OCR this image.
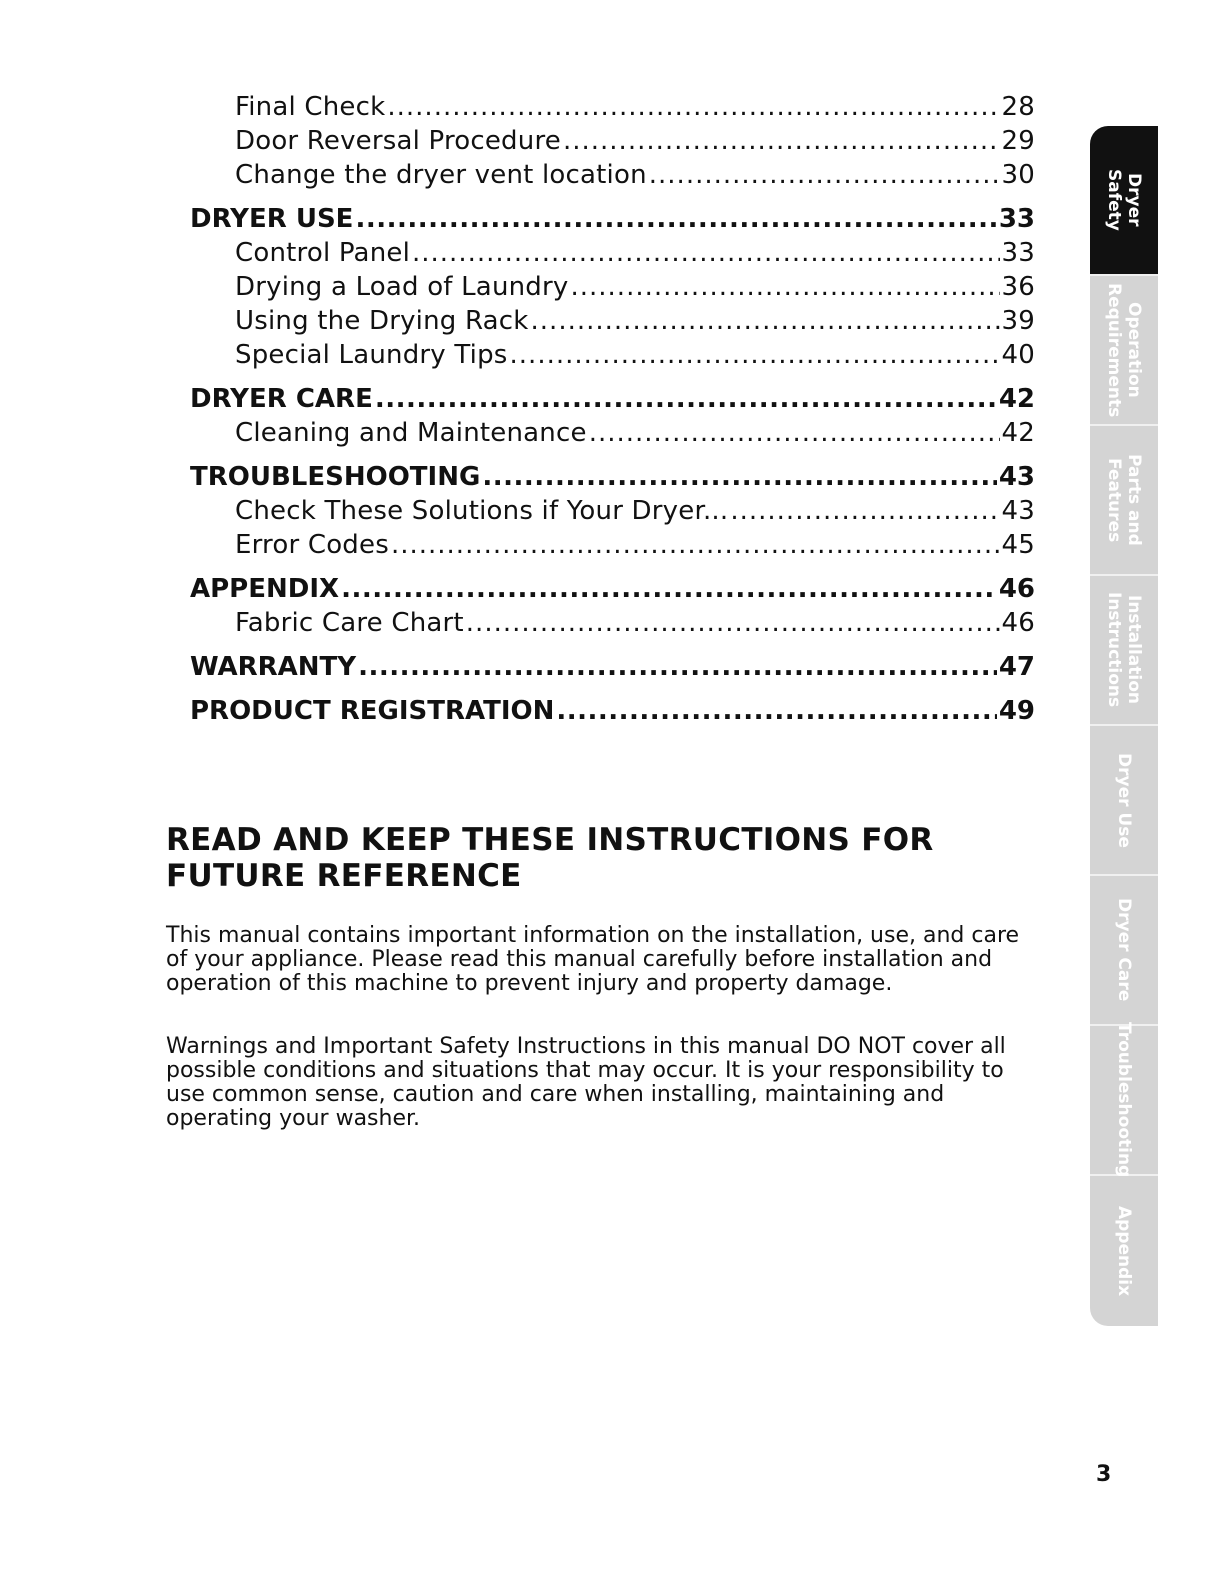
Final Check .....	28
Door Reversal Procedure .....	29
Change the dryer vent location .....	30
DRYER USE .....	33
Control Panel .....	33
Drying a Load of Laundry .....	36
Using the Drying Rack .....	39
Special Laundry Tips .....	40
DRYER CARE .....	42
Cleaning and Maintenance .....	42
TROUBLESHOOTING .....	43
Check These Solutions if Your Dryer... .....	43
Error Codes .....	45
APPENDIX .....	46
Fabric Care Chart .....	46
WARRANTY .....	47
PRODUCT REGISTRATION .....	49
READ AND KEEP THESE INSTRUCTIONS FOR FUTURE REFERENCE

This manual contains important information on the installation, use, and care of your appliance. Please read this manual carefully before installation and operation of this machine to prevent injury and property damage.

Warnings and Important Safety Instructions in this manual DO NOT cover all possible conditions and situations that may occur. It is your responsibility to use common sense, caution and care when installing, maintaining and operating your washer.

Dryer
Safety
Operation
Requirements
Parts and
Features
Installation
Instructions
Dryer Use
Dryer Care
Troubleshooting
Appendix
3
